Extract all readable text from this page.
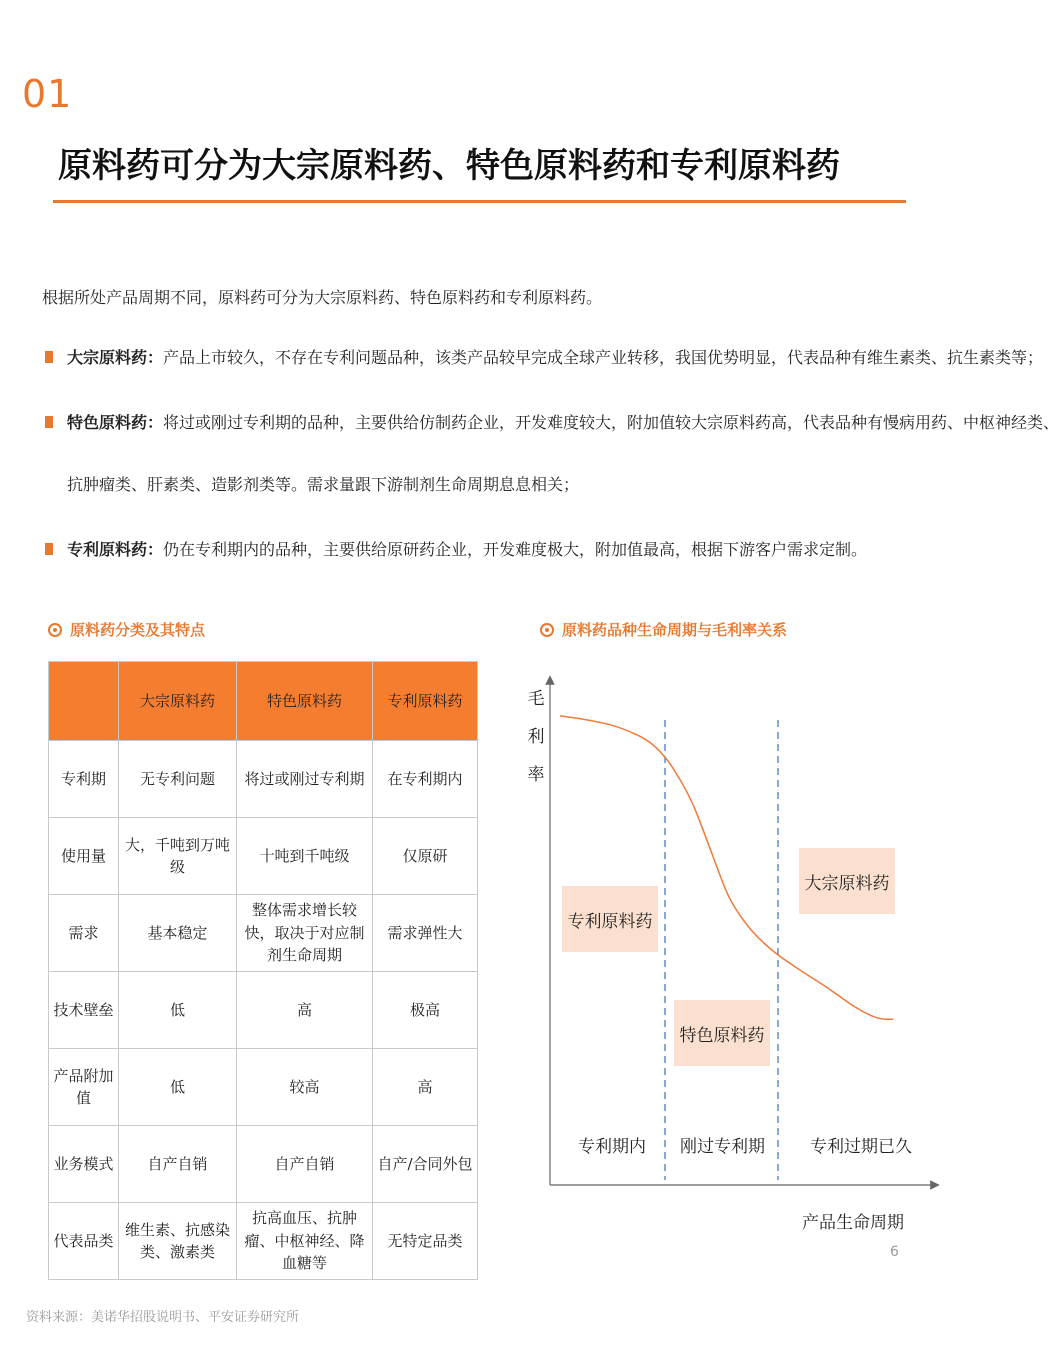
01
原料药可分为大宗原料药、特色原料药和专利原料药
根据所处产品周期不同，原料药可分为大宗原料药、特色原料药和专利原料药。
大宗原料药：产品上市较久，不存在专利问题品种，该类产品较早完成全球产业转移，我国优势明显，代表品种有维生素类、抗生素类等；
特色原料药：将过或刚过专利期的品种，主要供给仿制药企业，开发难度较大，附加值较大宗原料药高，代表品种有慢病用药、中枢神经类、
抗肿瘤类、肝素类、造影剂类等。需求量跟下游制剂生命周期息息相关；
专利原料药：仍在专利期内的品种，主要供给原研药企业，开发难度极大，附加值最高，根据下游客户需求定制。
原料药分类及其特点
	大宗原料药	特色原料药	专利原料药
专利期	无专利问题	将过或刚过专利期	在专利期内
使用量	大，千吨到万吨级	十吨到千吨级	仅原研
需求	基本稳定	整体需求增长较快，取决于对应制剂生命周期	需求弹性大
技术壁垒	低	高	极高
产品附加值	低	较高	高
业务模式	自产自销	自产自销	自产/合同外包
代表品类	维生素、抗感染类、激素类	抗高血压、抗肿瘤、中枢神经、降血糖等	无特定品类
原料药品种生命周期与毛利率关系
毛利率
专利原料药
特色原料药
大宗原料药
专利期内 刚过专利期	专利过期已久
产品生命周期
6
资料来源：美诺华招股说明书、平安证券研究所
